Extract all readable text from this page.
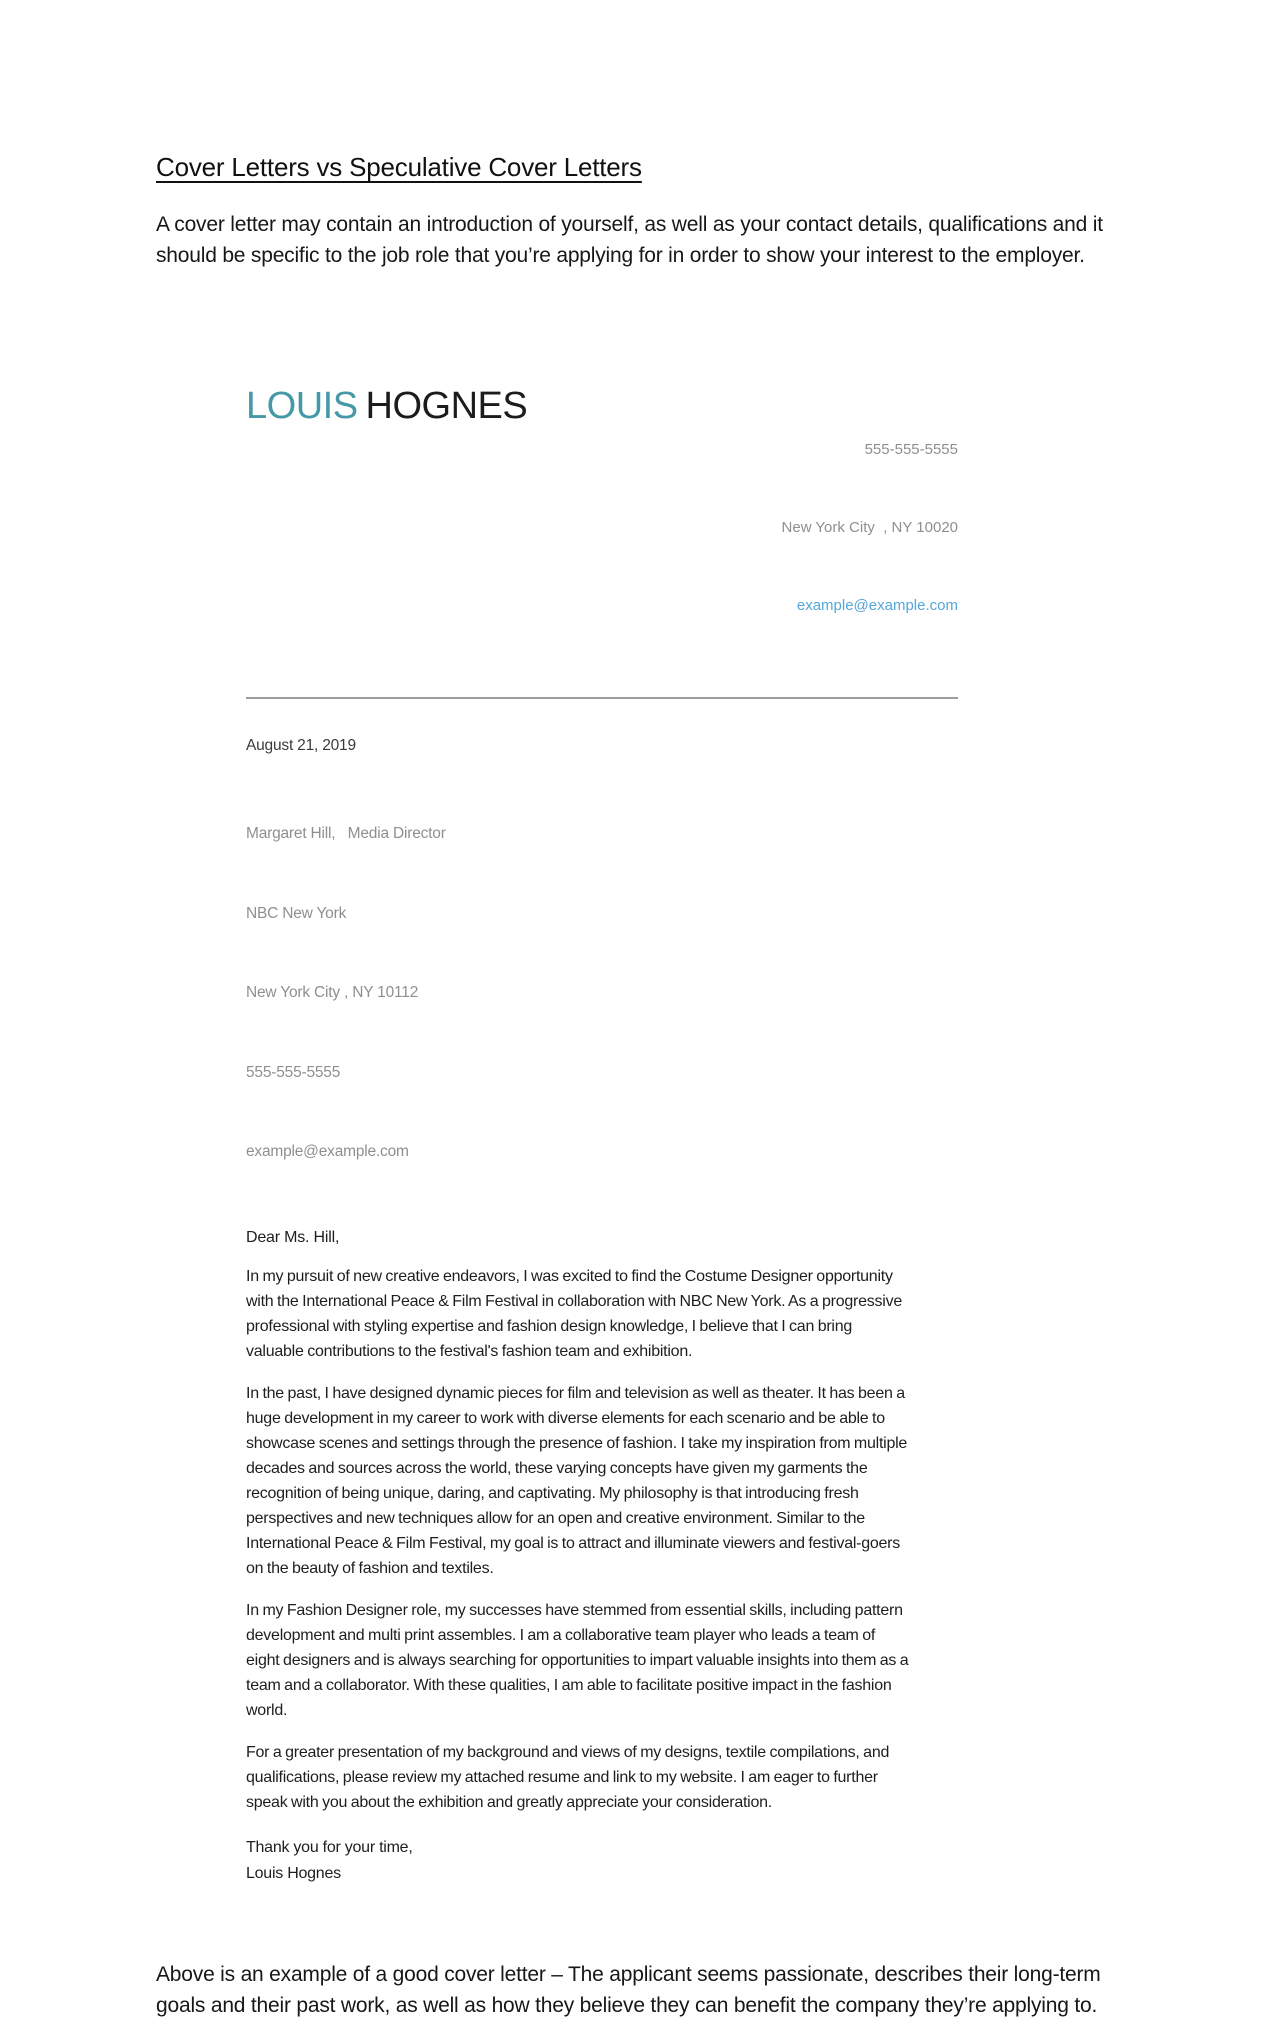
Cover Letters vs Speculative Cover Letters

A cover letter may contain an introduction of yourself, as well as your contact details, qualifications and it should be specific to the job role that you’re applying for in order to show your interest to the employer.

LOUIS HOGNES

555-555-5555

New York City  , NY 10020

example@example.com

August 21, 2019

Margaret Hill,   Media Director

NBC New York

New York City , NY 10112

555-555-5555

example@example.com

Dear Ms. Hill,

In my pursuit of new creative endeavors, I was excited to find the Costume Designer opportunity with the International Peace & Film Festival in collaboration with NBC New York. As a progressive professional with styling expertise and fashion design knowledge, I believe that I can bring valuable contributions to the festival's fashion team and exhibition.

In the past, I have designed dynamic pieces for film and television as well as theater. It has been a huge development in my career to work with diverse elements for each scenario and be able to showcase scenes and settings through the presence of fashion. I take my inspiration from multiple decades and sources across the world, these varying concepts have given my garments the recognition of being unique, daring, and captivating. My philosophy is that introducing fresh perspectives and new techniques allow for an open and creative environment. Similar to the International Peace & Film Festival, my goal is to attract and illuminate viewers and festival-goers on the beauty of fashion and textiles.

In my Fashion Designer role, my successes have stemmed from essential skills, including pattern development and multi print assembles. I am a collaborative team player who leads a team of eight designers and is always searching for opportunities to impart valuable insights into them as a team and a collaborator. With these qualities, I am able to facilitate positive impact in the fashion world.

For a greater presentation of my background and views of my designs, textile compilations, and qualifications, please review my attached resume and link to my website. I am eager to further speak with you about the exhibition and greatly appreciate your consideration.

Thank you for your time,
Louis Hognes

Above is an example of a good cover letter – The applicant seems passionate, describes their long-term goals and their past work, as well as how they believe they can benefit the company they’re applying to.
